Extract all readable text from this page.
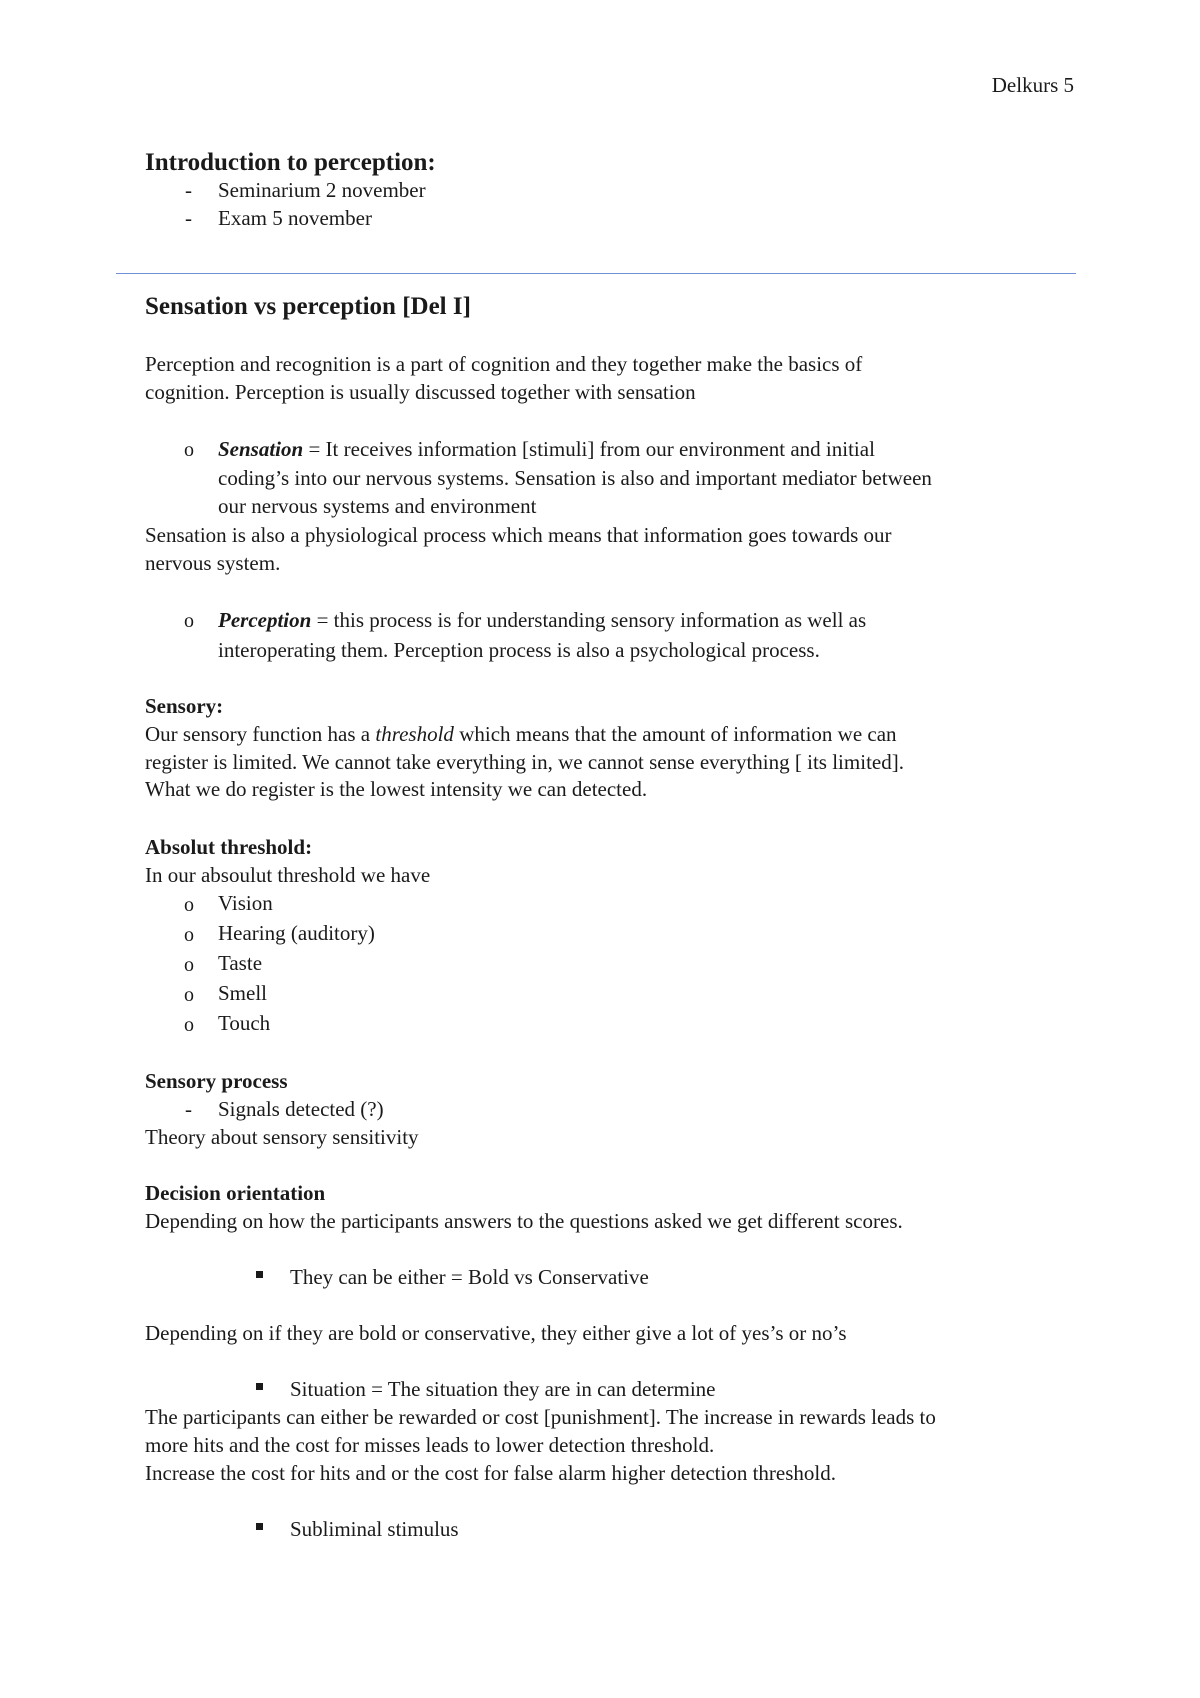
Delkurs 5
Introduction to perception:
- Seminarium 2 november
- Exam 5 november
Sensation vs perception [Del I]
Perception and recognition is a part of cognition and they together make the basics of
cognition. Perception is usually discussed together with sensation
o Sensation = It receives information [stimuli] from our environment and initial
coding’s into our nervous systems. Sensation is also and important mediator between
our nervous systems and environment
Sensation is also a physiological process which means that information goes towards our
nervous system.
o Perception = this process is for understanding sensory information as well as
interoperating them. Perception process is also a psychological process.
Sensory:
Our sensory function has a threshold which means that the amount of information we can
register is limited. We cannot take everything in, we cannot sense everything [ its limited].
What we do register is the lowest intensity we can detected.
Absolut threshold:
In our absoulut threshold we have
o Vision
o Hearing (auditory)
o Taste
o Smell
o Touch
Sensory process
- Signals detected (?)
Theory about sensory sensitivity
Decision orientation
Depending on how the participants answers to the questions asked we get different scores.
They can be either = Bold vs Conservative
Depending on if they are bold or conservative, they either give a lot of yes’s or no’s
Situation = The situation they are in can determine
The participants can either be rewarded or cost [punishment]. The increase in rewards leads to
more hits and the cost for misses leads to lower detection threshold.
Increase the cost for hits and or the cost for false alarm higher detection threshold.
Subliminal stimulus
